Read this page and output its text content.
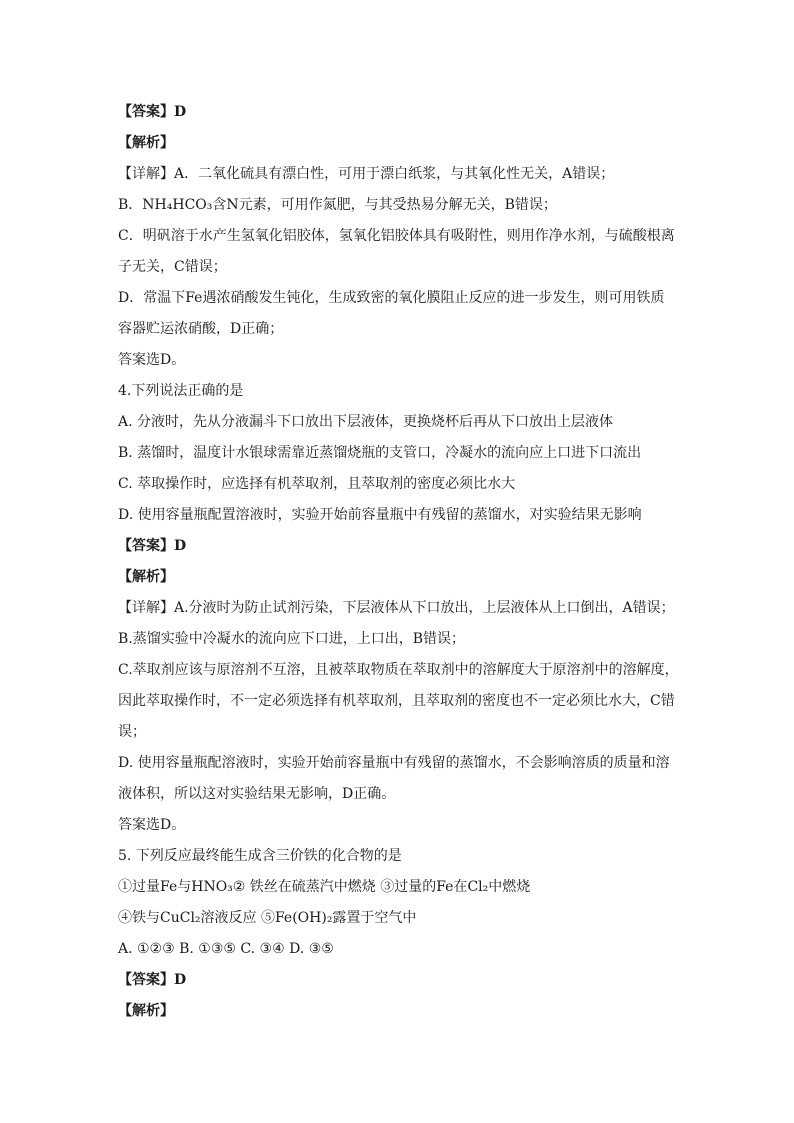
【答案】D
【解析】
【详解】A．二氧化硫具有漂白性，可用于漂白纸浆，与其氧化性无关，A错误；
B．NH₄HCO₃含N元素，可用作氮肥，与其受热易分解无关，B错误；
C．明矾溶于水产生氢氧化铝胶体，氢氧化铝胶体具有吸附性，则用作净水剂，与硫酸根离
子无关，C错误；
D．常温下Fe遇浓硝酸发生钝化，生成致密的氧化膜阻止反应的进一步发生，则可用铁质
容器贮运浓硝酸，D正确；
答案选D。
4.下列说法正确的是
A. 分液时，先从分液漏斗下口放出下层液体，更换烧杯后再从下口放出上层液体
B. 蒸馏时，温度计水银球需靠近蒸馏烧瓶的支管口，冷凝水的流向应上口进下口流出
C. 萃取操作时，应选择有机萃取剂，且萃取剂的密度必须比水大
D. 使用容量瓶配置溶液时，实验开始前容量瓶中有残留的蒸馏水，对实验结果无影响
【答案】D
【解析】
【详解】A.分液时为防止试剂污染，下层液体从下口放出，上层液体从上口倒出，A错误；
B.蒸馏实验中冷凝水的流向应下口进，上口出，B错误；
C.萃取剂应该与原溶剂不互溶，且被萃取物质在萃取剂中的溶解度大于原溶剂中的溶解度，
因此萃取操作时，不一定必须选择有机萃取剂，且萃取剂的密度也不一定必须比水大，C错
误；
D. 使用容量瓶配溶液时，实验开始前容量瓶中有残留的蒸馏水，不会影响溶质的质量和溶
液体积，所以这对实验结果无影响，D正确。
答案选D。
5. 下列反应最终能生成含三价铁的化合物的是
①过量Fe与HNO₃② 铁丝在硫蒸汽中燃烧 ③过量的Fe在Cl₂中燃烧
④铁与CuCl₂溶液反应 ⑤Fe(OH)₂露置于空气中
A. ①②③ B. ①③⑤ C. ③④ D. ③⑤
【答案】D
【解析】
